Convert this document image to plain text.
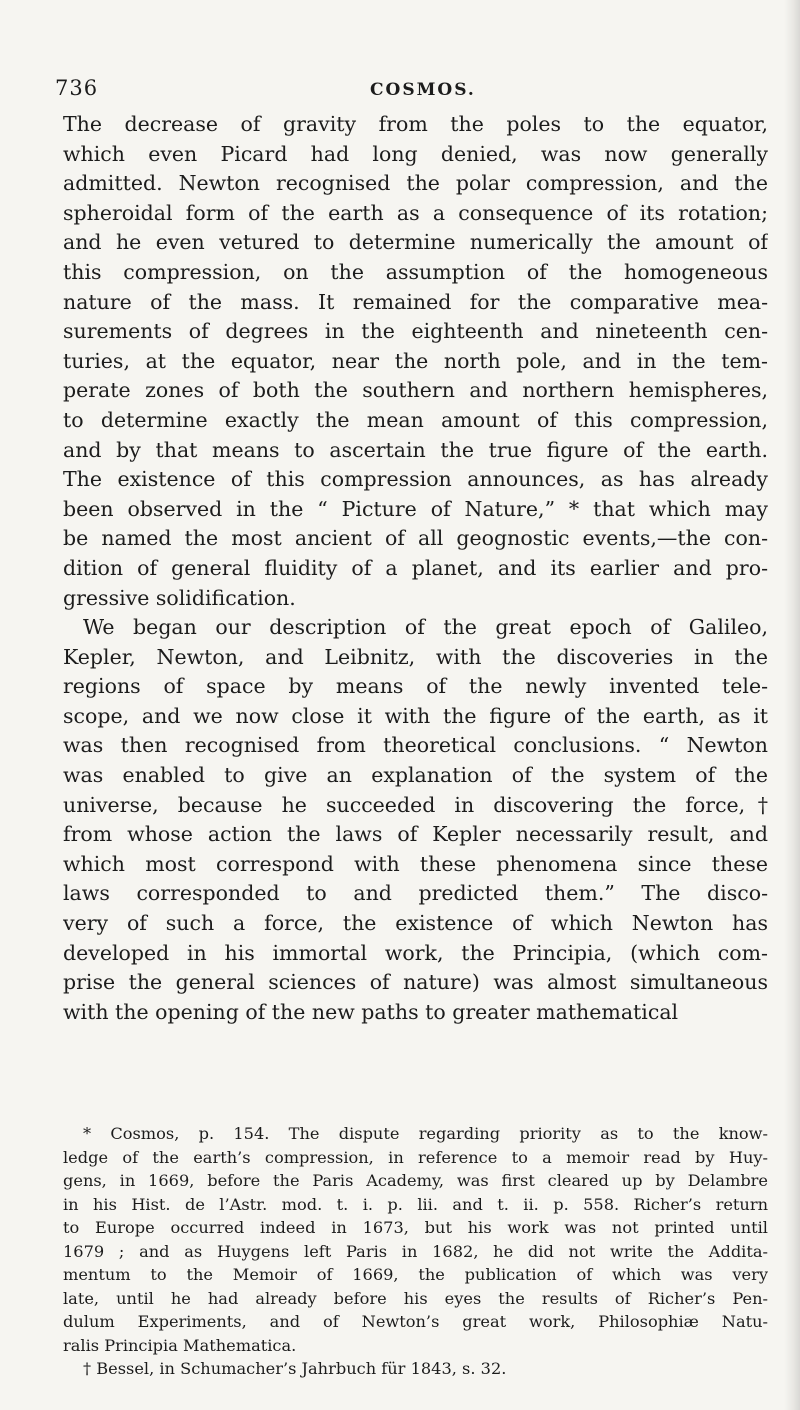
736	COSMOS.
The decrease of gravity from the poles to the equator,
which even Picard had long denied, was now generally
admitted. Newton recognised the polar compression, and the
spheroidal form of the earth as a consequence of its rotation;
and he even vetured to determine numerically the amount of
this compression, on the assumption of the homogeneous
nature of the mass. It remained for the comparative mea-
surements of degrees in the eighteenth and nineteenth cen-
turies, at the equator, near the north pole, and in the tem-
perate zones of both the southern and northern hemispheres,
to determine exactly the mean amount of this compression,
and by that means to ascertain the true figure of the earth.
The existence of this compression announces, as has already
been observed in the “ Picture of Nature,” * that which may
be named the most ancient of all geognostic events,—the con-
dition of general fluidity of a planet, and its earlier and pro-
gressive solidification.
We began our description of the great epoch of Galileo,
Kepler, Newton, and Leibnitz, with the discoveries in the
regions of space by means of the newly invented tele-
scope, and we now close it with the figure of the earth, as it
was then recognised from theoretical conclusions. “ Newton
was enabled to give an explanation of the system of the
universe, because he succeeded in discovering the force,†
from whose action the laws of Kepler necessarily result, and
which most correspond with these phenomena since these
laws corresponded to and predicted them.” The disco-
very of such a force, the existence of which Newton has
developed in his immortal work, the Principia, (which com-
prise the general sciences of nature) was almost simultaneous
with the opening of the new paths to greater mathematical
* Cosmos, p. 154. The dispute regarding priority as to the know-
ledge of the earth’s compression, in reference to a memoir read by Huy-
gens, in 1669, before the Paris Academy, was first cleared up by Delambre
in his Hist. de l’Astr. mod. t. i. p. lii. and t. ii. p. 558. Richer’s return
to Europe occurred indeed in 1673, but his work was not printed until
1679 ; and as Huygens left Paris in 1682, he did not write the Addita-
mentum to the Memoir of 1669, the publication of which was very
late, until he had already before his eyes the results of Richer’s Pen-
dulum Experiments, and of Newton’s great work, Philosophiæ Natu-
ralis Principia Mathematica.
† Bessel, in Schumacher’s Jahrbuch für 1843, s. 32.
